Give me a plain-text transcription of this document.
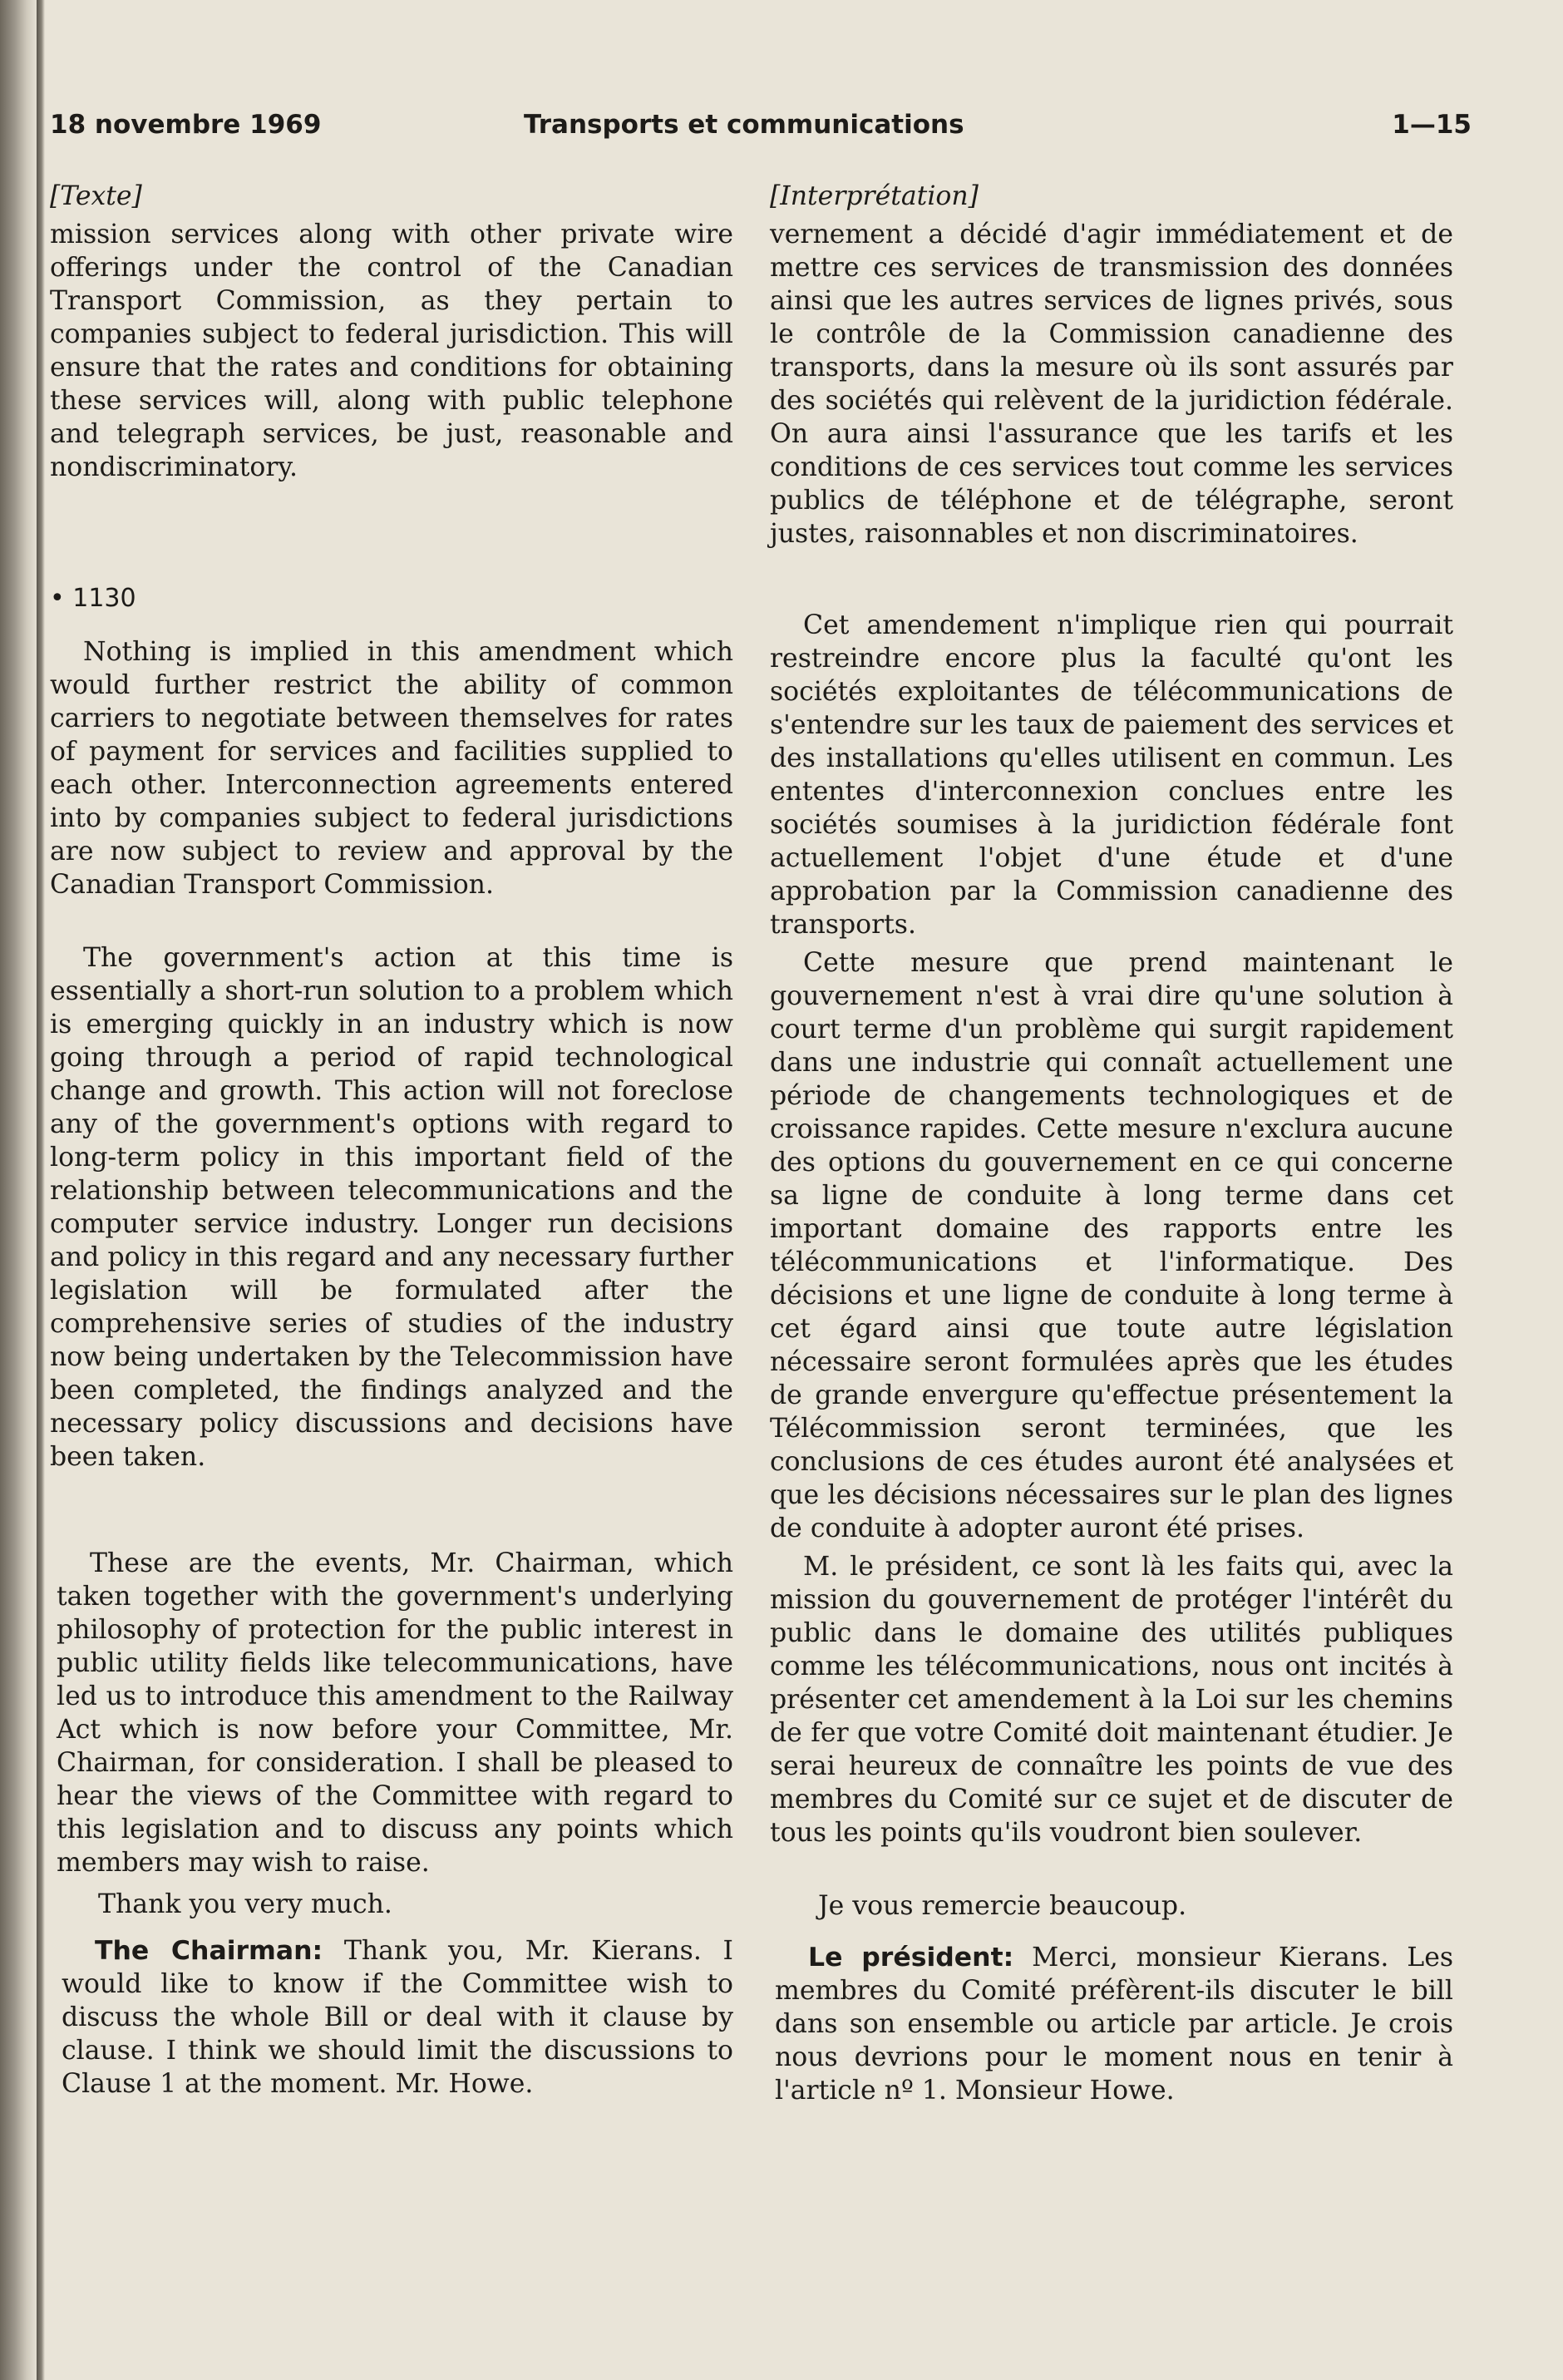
18 novembre 1969	Transports et communications	1—15
[Texte]

mission services along with other private wire offerings under the control of the Canadian Transport Commission, as they pertain to companies subject to federal jurisdiction. This will ensure that the rates and conditions for obtaining these services will, along with public telephone and telegraph services, be just, reasonable and nondiscriminatory.

• 1130

Nothing is implied in this amendment which would further restrict the ability of common carriers to negotiate between themselves for rates of payment for services and facilities supplied to each other. Interconnection agreements entered into by companies subject to federal jurisdictions are now subject to review and approval by the Canadian Transport Commission.

The government's action at this time is essentially a short-run solution to a problem which is emerging quickly in an industry which is now going through a period of rapid technological change and growth. This action will not foreclose any of the government's options with regard to long-term policy in this important field of the relationship between telecommunications and the computer service industry. Longer run decisions and policy in this regard and any necessary further legislation will be formulated after the comprehensive series of studies of the industry now being undertaken by the Telecommission have been completed, the findings analyzed and the necessary policy discussions and decisions have been taken.

These are the events, Mr. Chairman, which taken together with the government's underlying philosophy of protection for the public interest in public utility fields like telecommunications, have led us to introduce this amendment to the Railway Act which is now before your Committee, Mr. Chairman, for consideration. I shall be pleased to hear the views of the Committee with regard to this legislation and to discuss any points which members may wish to raise.

Thank you very much.

The Chairman: Thank you, Mr. Kierans. I would like to know if the Committee wish to discuss the whole Bill or deal with it clause by clause. I think we should limit the discussions to Clause 1 at the moment. Mr. Howe.

[Interprétation]

vernement a décidé d'agir immédiatement et de mettre ces services de transmission des données ainsi que les autres services de lignes privés, sous le contrôle de la Commission canadienne des transports, dans la mesure où ils sont assurés par des sociétés qui relèvent de la juridiction fédérale. On aura ainsi l'assurance que les tarifs et les conditions de ces services tout comme les services publics de téléphone et de télégraphe, seront justes, raisonnables et non discriminatoires.

Cet amendement n'implique rien qui pourrait restreindre encore plus la faculté qu'ont les sociétés exploitantes de télécommunications de s'entendre sur les taux de paiement des services et des installations qu'elles utilisent en commun. Les ententes d'interconnexion conclues entre les sociétés soumises à la juridiction fédérale font actuellement l'objet d'une étude et d'une approbation par la Commission canadienne des transports.

Cette mesure que prend maintenant le gouvernement n'est à vrai dire qu'une solution à court terme d'un problème qui surgit rapidement dans une industrie qui connaît actuellement une période de changements technologiques et de croissance rapides. Cette mesure n'exclura aucune des options du gouvernement en ce qui concerne sa ligne de conduite à long terme dans cet important domaine des rapports entre les télécommunications et l'informatique. Des décisions et une ligne de conduite à long terme à cet égard ainsi que toute autre législation nécessaire seront formulées après que les études de grande envergure qu'effectue présentement la Télécommission seront terminées, que les conclusions de ces études auront été analysées et que les décisions nécessaires sur le plan des lignes de conduite à adopter auront été prises.

M. le président, ce sont là les faits qui, avec la mission du gouvernement de protéger l'intérêt du public dans le domaine des utilités publiques comme les télécommunications, nous ont incités à présenter cet amendement à la Loi sur les chemins de fer que votre Comité doit maintenant étudier. Je serai heureux de connaître les points de vue des membres du Comité sur ce sujet et de discuter de tous les points qu'ils voudront bien soulever.

Je vous remercie beaucoup.

Le président: Merci, monsieur Kierans. Les membres du Comité préfèrent-ils discuter le bill dans son ensemble ou article par article. Je crois nous devrions pour le moment nous en tenir à l'article nº 1. Monsieur Howe.
